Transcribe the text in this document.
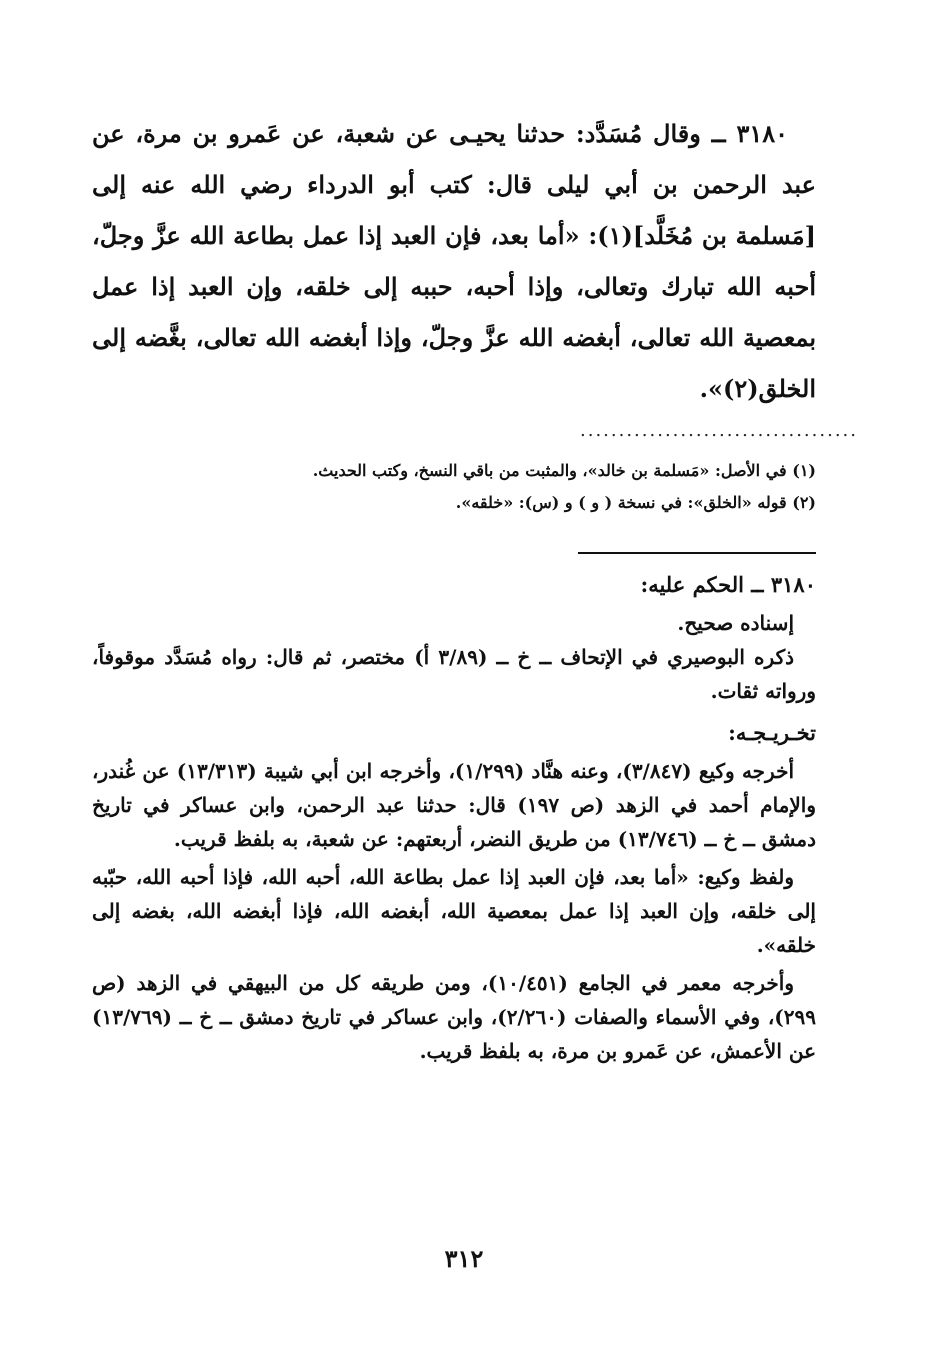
٣١٨٠ ــ وقال مُسَدَّد: حدثنا يحيـى عن شعبة، عن عَمرو بن مرة، عن عبد الرحمن بن أبي ليلى قال: كتب أبو الدرداء رضي الله عنه إلى [مَسلمة بن مُخَلَّد](١): «أما بعد، فإن العبد إذا عمل بطاعة الله عزَّ وجلّ، أحبه الله تبارك وتعالى، وإذا أحبه، حببه إلى خلقه، وإن العبد إذا عمل بمعصية الله تعالى، أبغضه الله عزَّ وجلّ، وإذا أبغضه الله تعالى، بغَّضه إلى الخلق(٢)».

....................................

(١) في الأصل: «مَسلمة بن خالد»، والمثبت من باقي النسخ، وكتب الحديث.

(٢) قوله «الخلق»: في نسخة ( و ) و (س): «خلقه».

٣١٨٠ ــ الحكم عليه:

إسناده صحيح.

ذكره البوصيري في الإتحاف ــ خ ــ (٣/٨٩ أ) مختصر، ثم قال: رواه مُسَدَّد موقوفاً، ورواته ثقات.

تخـريـجـه:

أخرجه وكيع (٣/٨٤٧)، وعنه هنَّاد (١/٢٩٩)، وأخرجه ابن أبي شيبة (١٣/٣١٣) عن غُندر، والإمام أحمد في الزهد (ص ١٩٧) قال: حدثنا عبد الرحمن، وابن عساكر في تاريخ دمشق ــ خ ــ (١٣/٧٤٦) من طريق النضر، أربعتهم: عن شعبة، به بلفظ قريب.

ولفظ وكيع: «أما بعد، فإن العبد إذا عمل بطاعة الله، أحبه الله، فإذا أحبه الله، حبّبه إلى خلقه، وإن العبد إذا عمل بمعصية الله، أبغضه الله، فإذا أبغضه الله، بغضه إلى خلقه».

وأخرجه معمر في الجامع (١٠/٤٥١)، ومن طريقه كل من البيهقي في الزهد (ص ٢٩٩)، وفي الأسماء والصفات (٢/٢٦٠)، وابن عساكر في تاريخ دمشق ــ خ ــ (١٣/٧٦٩) عن الأعمش، عن عَمرو بن مرة، به بلفظ قريب.

٣١٢
